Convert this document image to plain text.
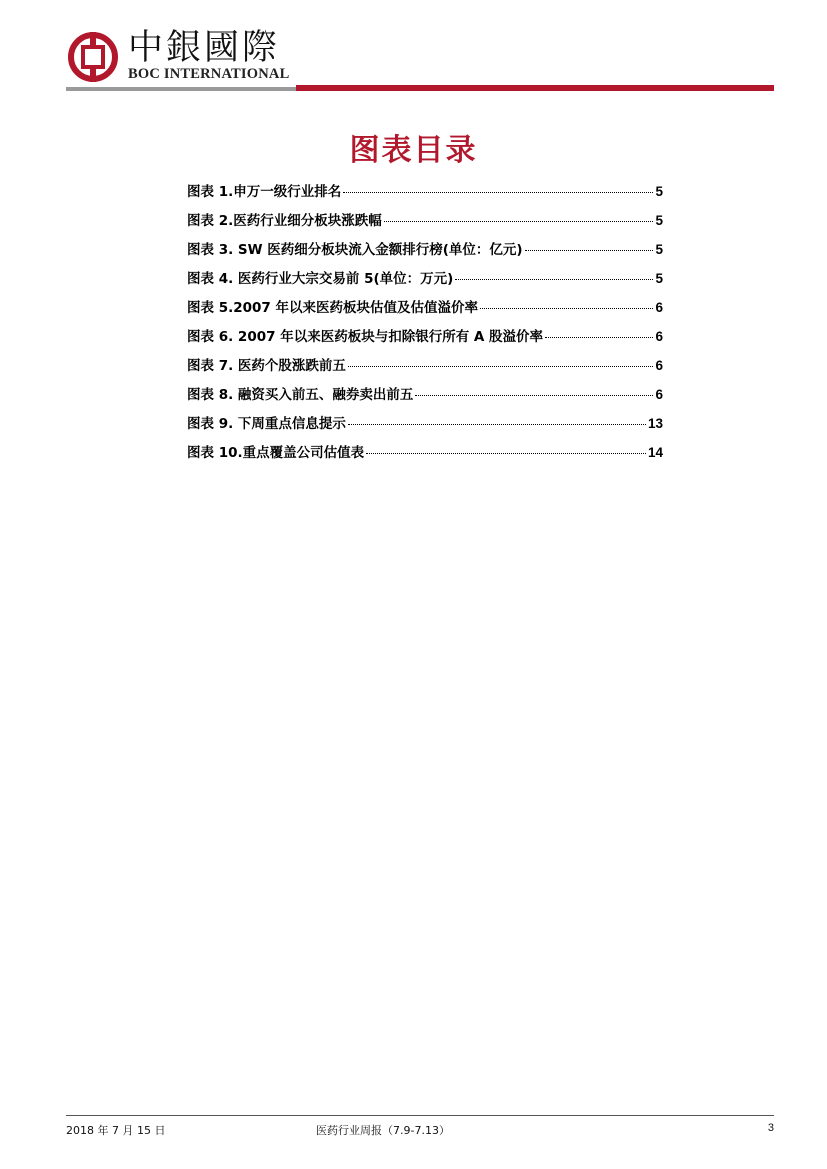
中銀國際
BOC INTERNATIONAL
图表目录
图表 1.申万一级行业排名	5
图表 2.医药行业细分板块涨跌幅	5
图表 3. SW 医药细分板块流入金额排行榜(单位：亿元)	5
图表 4. 医药行业大宗交易前 5(单位：万元)	5
图表 5.2007 年以来医药板块估值及估值溢价率	6
图表 6. 2007 年以来医药板块与扣除银行所有 A 股溢价率	6
图表 7. 医药个股涨跌前五	6
图表 8. 融资买入前五、融券卖出前五	6
图表 9. 下周重点信息提示	13
图表 10.重点覆盖公司估值表	14
2018 年 7 月 15 日	医药行业周报（7.9-7.13）	3
